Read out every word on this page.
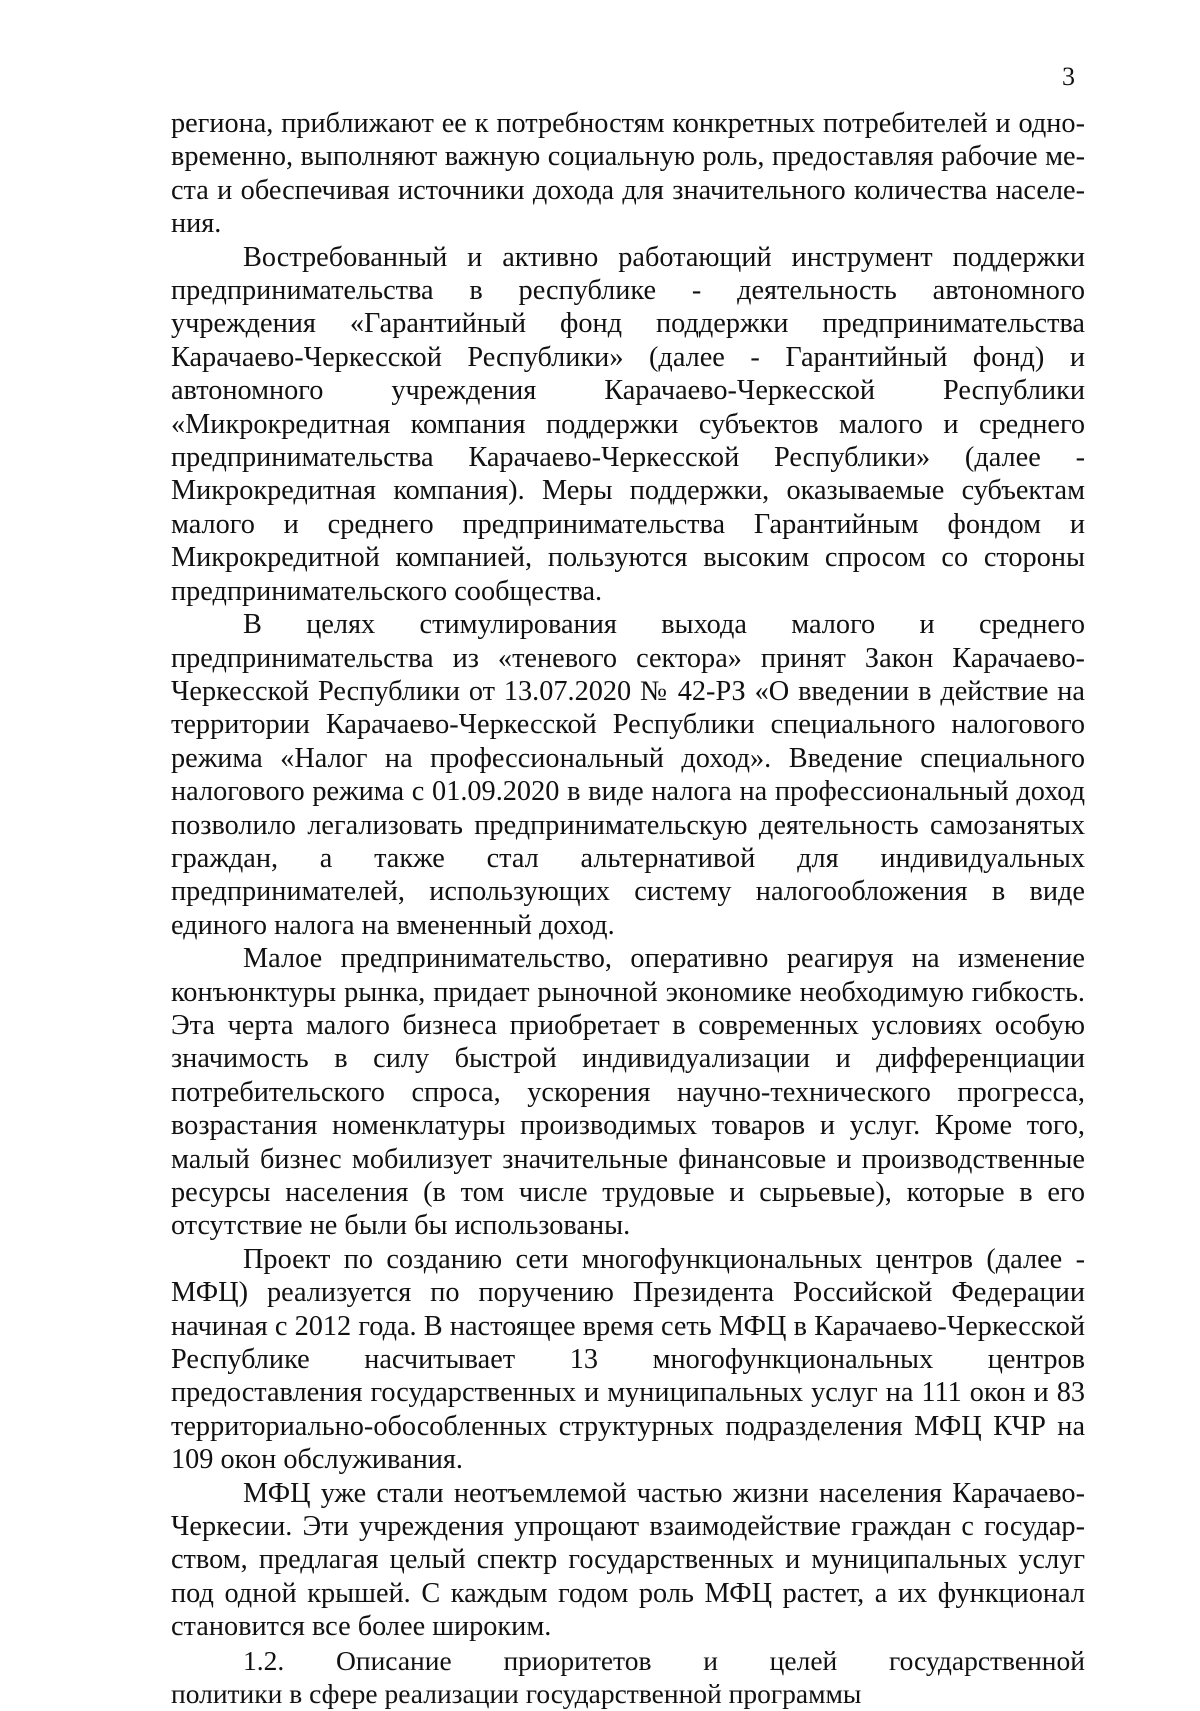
3

региона, приближают ее к потребностям конкретных потребителей и одновременно, выполняют важную социальную роль, предоставляя рабочие места и обеспечивая источники дохода для значительного количества населения.

Востребованный и активно работающий инструмент поддержки предпринимательства в республике - деятельность автономного учреждения «Гарантийный фонд поддержки предпринимательства Карачаево-Черкесской Республики» (далее - Гарантийный фонд) и автономного учреждения Карачаево-Черкесской Республики «Микрокредитная компания поддержки субъектов малого и среднего предпринимательства Карачаево-Черкесской Республики» (далее - Микрокредитная компания). Меры поддержки, оказываемые субъектам малого и среднего предпринимательства Гарантийным фондом и Микрокредитной компанией, пользуются высоким спросом со стороны предпринимательского сообщества.

В целях стимулирования выхода малого и среднего предпринимательства из «теневого сектора» принят Закон Карачаево-Черкесской Республики от 13.07.2020 № 42-РЗ «О введении в действие на территории Карачаево-Черкесской Республики специального налогового режима «Налог на профессиональный доход». Введение специального налогового режима с 01.09.2020 в виде налога на профессиональный доход позволило легализовать предпринимательскую деятельность самозанятых граждан, а также стал альтернативой для индивидуальных предпринимателей, использующих систему налогообложения в виде единого налога на вмененный доход.

Малое предпринимательство, оперативно реагируя на изменение конъюнктуры рынка, придает рыночной экономике необходимую гибкость. Эта черта малого бизнеса приобретает в современных условиях особую значимость в силу быстрой индивидуализации и дифференциации потребительского спроса, ускорения научно-технического прогресса, возрастания номенклатуры производимых товаров и услуг. Кроме того, малый бизнес мобилизует значительные финансовые и производственные ресурсы населения (в том числе трудовые и сырьевые), которые в его отсутствие не были бы использованы.

Проект по созданию сети многофункциональных центров (далее - МФЦ) реализуется по поручению Президента Российской Федерации начиная с 2012 года. В настоящее время сеть МФЦ в Карачаево-Черкесской Республике насчитывает 13 многофункциональных центров предоставления государственных и муниципальных услуг на 111 окон и 83 территориально-обособленных структурных подразделения МФЦ КЧР на 109 окон обслуживания.

МФЦ уже стали неотъемлемой частью жизни населения Карачаево-Черкесии. Эти учреждения упрощают взаимодействие граждан с государством, предлагая целый спектр государственных и муниципальных услуг под одной крышей. С каждым годом роль МФЦ растет, а их функционал становится все более широким.

1.2. Описание приоритетов и целей государственной
политики в сфере реализации государственной программы
